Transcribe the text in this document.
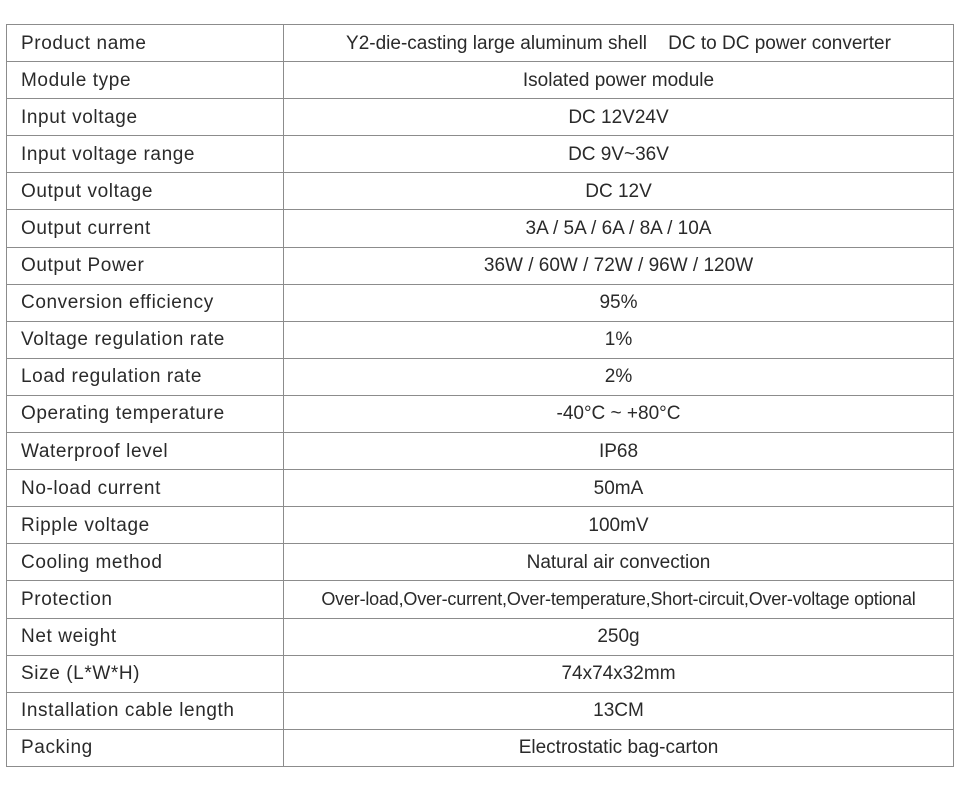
Product name	Y2-die-casting large aluminum shell    DC to DC power converter
Module type	Isolated power module
Input voltage	DC 12V24V
Input voltage range	DC 9V~36V
Output voltage	DC 12V
Output current	3A / 5A / 6A / 8A / 10A
Output Power	36W / 60W / 72W / 96W / 120W
Conversion efficiency	95%
Voltage regulation rate	1%
Load regulation rate	2%
Operating temperature	-40°C ~ +80°C
Waterproof level	IP68
No-load current	50mA
Ripple voltage	100mV
Cooling method	Natural air convection
Protection	Over-load,Over-current,Over-temperature,Short-circuit,Over-voltage optional
Net weight	250g
Size (L*W*H)	74x74x32mm
Installation cable length	13CM
Packing	Electrostatic bag-carton
